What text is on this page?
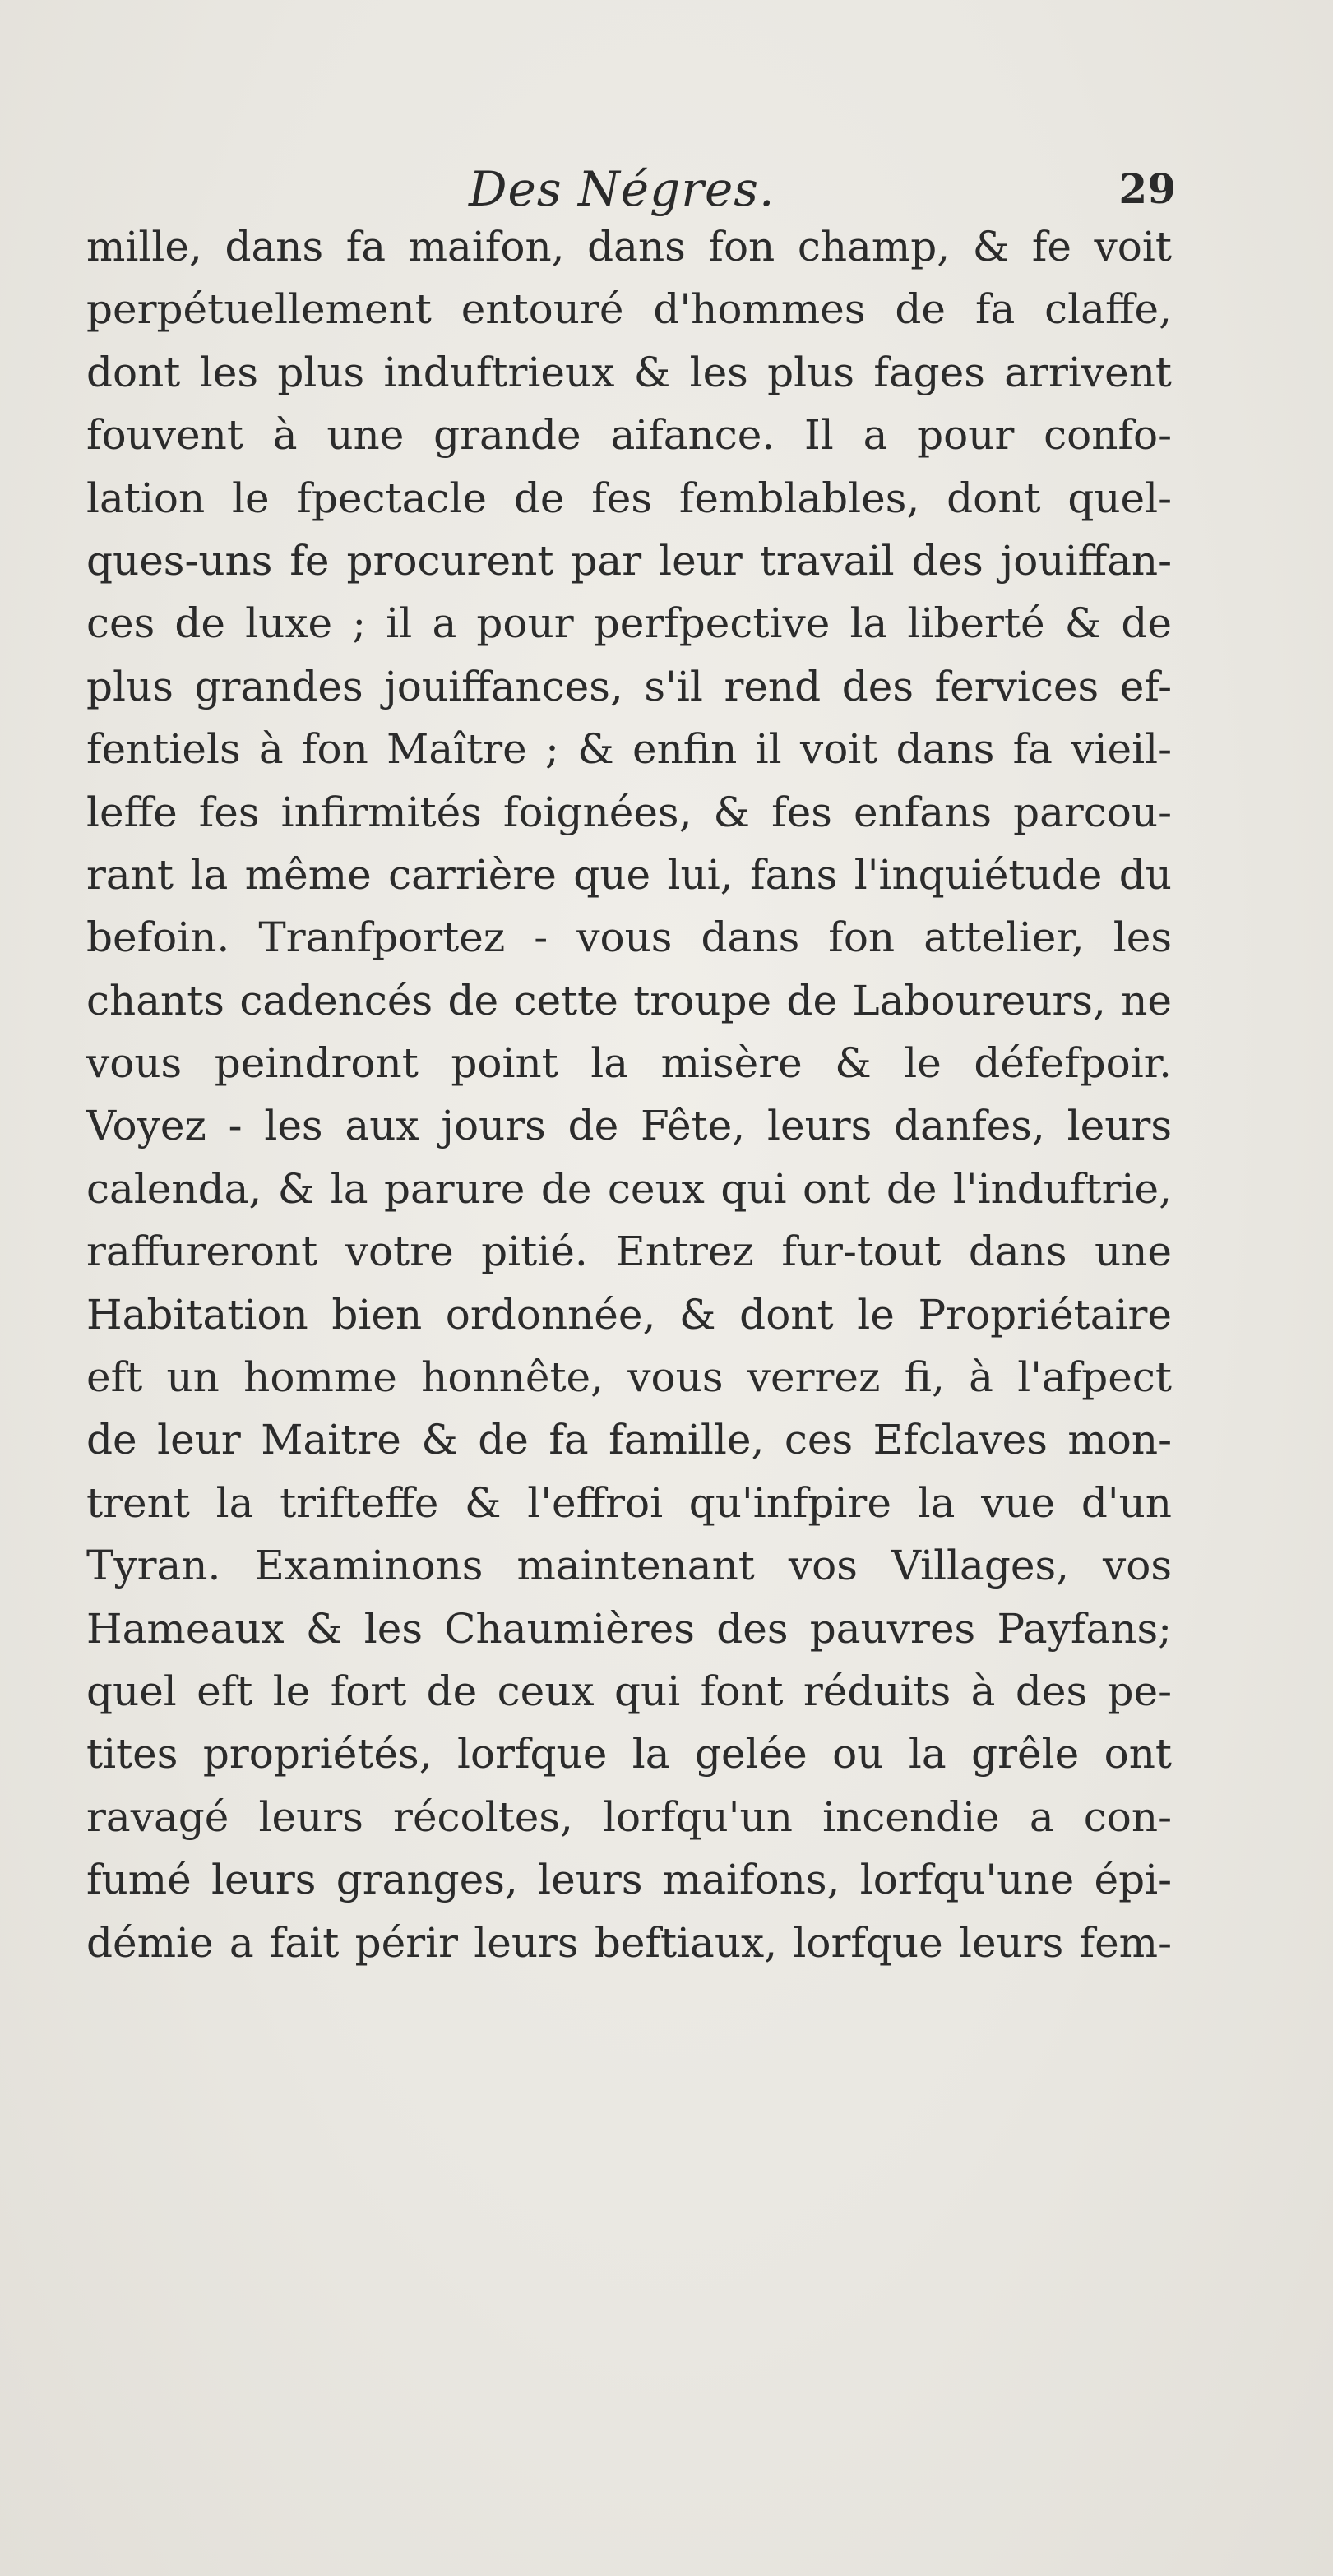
Des Négres.	29
mille, dans fa maifon, dans fon champ, & fe voit
perpétuellement entouré d'hommes de fa claffe,
dont les plus induftrieux & les plus fages arrivent
fouvent à une grande aifance. Il a pour confo-
lation le fpectacle de fes femblables, dont quel-
ques-uns fe procurent par leur travail des jouiffan-
ces de luxe ; il a pour perfpective la liberté & de
plus grandes jouiffances, s'il rend des fervices ef-
fentiels à fon Maître ; & enfin il voit dans fa vieil-
leffe fes infirmités foignées, & fes enfans parcou-
rant la même carrière que lui, fans l'inquiétude du
befoin. Tranfportez - vous dans fon attelier, les
chants cadencés de cette troupe de Laboureurs, ne
vous peindront point la misère & le défefpoir.
Voyez - les aux jours de Fête, leurs danfes, leurs
calenda, & la parure de ceux qui ont de l'induftrie,
raffureront votre pitié. Entrez fur-tout dans une
Habitation bien ordonnée, & dont le Propriétaire
eft un homme honnête, vous verrez fi, à l'afpect
de leur Maitre & de fa famille, ces Efclaves mon-
trent la trifteffe & l'effroi qu'infpire la vue d'un
Tyran. Examinons maintenant vos Villages, vos
Hameaux & les Chaumières des pauvres Payfans;
quel eft le fort de ceux qui font réduits à des pe-
tites propriétés, lorfque la gelée ou la grêle ont
ravagé leurs récoltes, lorfqu'un incendie a con-
fumé leurs granges, leurs maifons, lorfqu'une épi-
démie a fait périr leurs beftiaux, lorfque leurs fem-
